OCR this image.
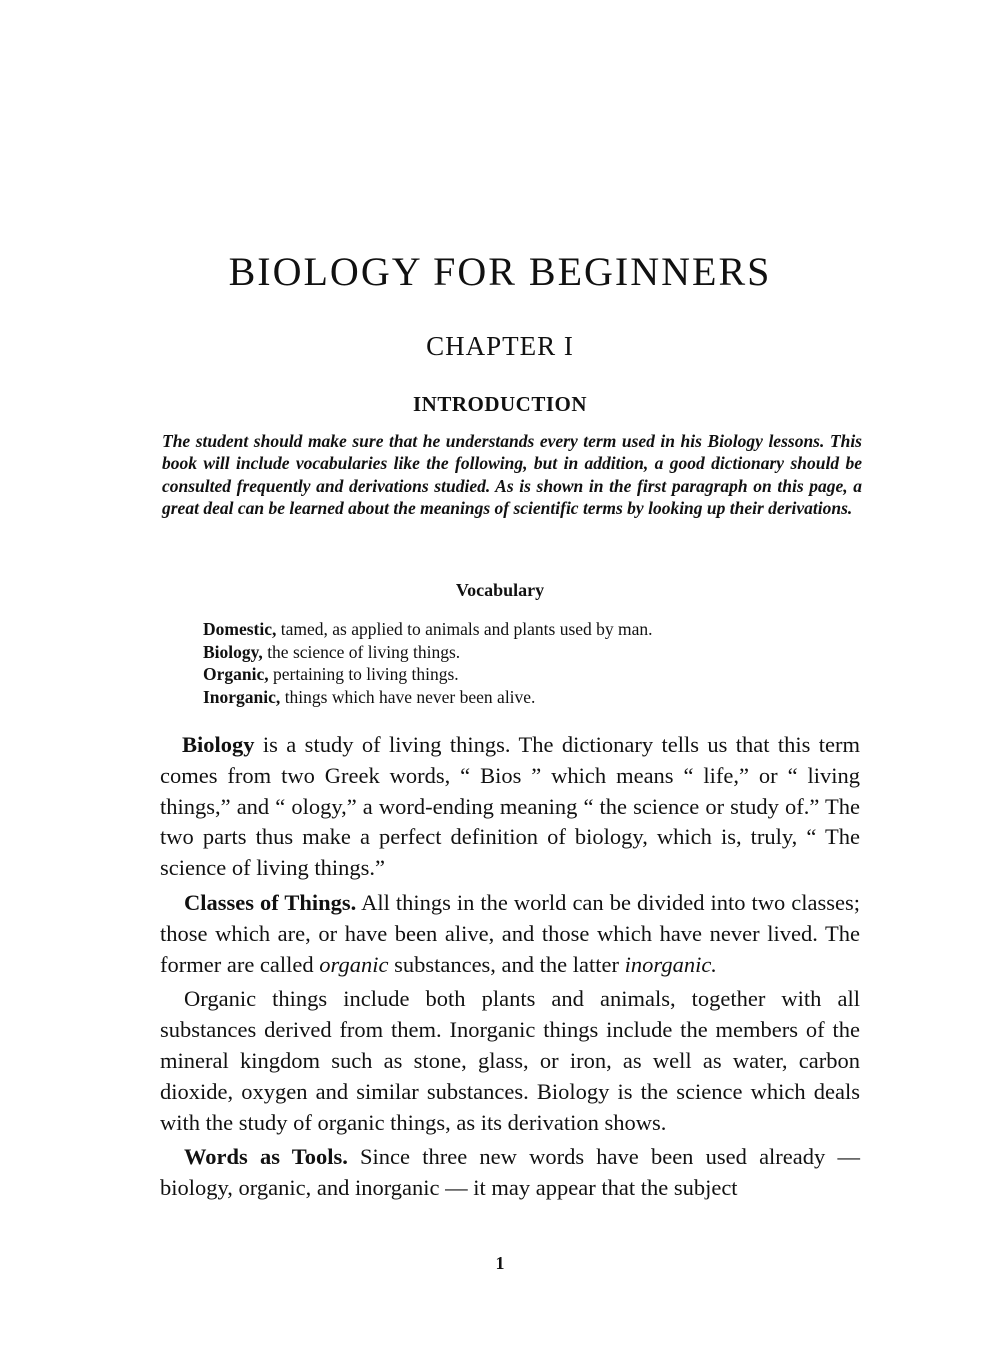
BIOLOGY FOR BEGINNERS
CHAPTER I
INTRODUCTION

The student should make sure that he understands every term used in his Biology lessons. This book will include vocabularies like the following, but in addition, a good dictionary should be consulted frequently and derivations studied. As is shown in the first paragraph on this page, a great deal can be learned about the meanings of scientific terms by looking up their derivations.

Vocabulary
Domestic, tamed, as applied to animals and plants used by man.
Biology, the science of living things.
Organic, pertaining to living things.
Inorganic, things which have never been alive.

Biology is a study of living things. The dictionary tells us that this term comes from two Greek words, “ Bios ” which means “ life,” or “ living things,” and “ ology,” a word-ending meaning “ the science or study of.” The two parts thus make a perfect definition of biology, which is, truly, “ The science of living things.”

Classes of Things. All things in the world can be divided into two classes; those which are, or have been alive, and those which have never lived. The former are called organic substances, and the latter inorganic.

Organic things include both plants and animals, together with all substances derived from them. Inorganic things include the members of the mineral kingdom such as stone, glass, or iron, as well as water, carbon dioxide, oxygen and similar substances. Biology is the science which deals with the study of organic things, as its derivation shows.

Words as Tools. Since three new words have been used already — biology, organic, and inorganic — it may appear that the subject

1
